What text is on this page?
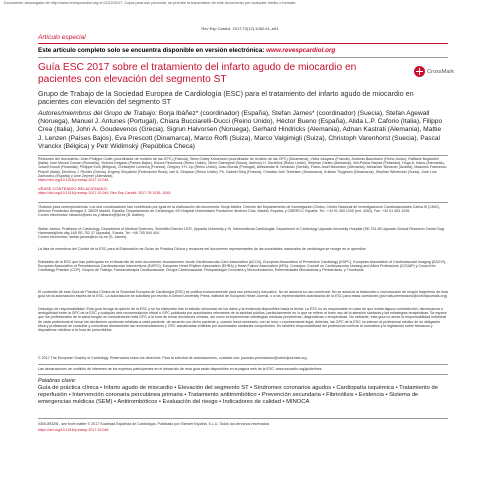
Documento descargado de http://www.revespcardiol.org el 02/12/2017. Copia para uso personal, se prohíbe la transmisión de este documento por cualquier medio o formato.
Rev Esp Cardiol. 2017;70(12):1082.e1–e61
Artículo especial
Este artículo completo solo se encuentra disponible en versión electrónica: www.revespcardiol.org
Guía ESC 2017 sobre el tratamiento del infarto agudo de miocardio en pacientes con elevación del segmento ST
CrossMark
Grupo de Trabajo de la Sociedad Europea de Cardiología (ESC) para el tratamiento del infarto agudo de miocardio en pacientes con elevación del segmento ST
Autores/miembros del Grupo de Trabajo: Borja Ibáñez* (coordinador) (España), Stefan James* (coordinador) (Suecia), Stefan Agewall (Noruega), Manuel J. Antunes (Portugal), Chiara Bucciarelli-Ducci (Reino Unido), Héctor Bueno (España), Alida L.P. Caforio (Italia), Filippo Crea (Italia), John A. Goudevenos (Grecia), Sigrun Halvorsen (Noruega), Gerhard Hindricks (Alemania), Adnan Kastrati (Alemania), Mattie J. Lenzen (Países Bajos), Eva Prescott (Dinamarca), Marco Roffi (Suiza), Marco Valgimigli (Suiza), Christoph Varenhorst (Suecia), Pascal Vranckx (Bélgica) y Petr Widimský (República Checa)
Revisores del documento: Jean-Philippe Collet (coordinador de revisión de las GPC) (Francia), Steen Dalby Kristensen (coordinador de revisión de las GPC) (Dinamarca), Victor Aboyans (Francia), Andreas Baumbach (Reino Unido), Raffaele Bugiardini (Italia), Ioan Mircea Coman (Rumania), Victoria Delgado (Países Bajos), Donna Fitzsimons (Reino Unido), Oliver Gaemperli (Suiza), Anthony H. Gershlick (Reino Unido), Stephan Gielen (Alemania), Veli-Pekka Harjola (Finlandia), Hugo A. Katus (Alemania), Juhani Knuuti (Finlandia), Philippe Kolh (Bélgica), Christophe Leclercq (Francia), Gregory Y.H. Lip (Reino Unido), Joao Morais (Portugal), Aleksandar N. Neskovic (Serbia), Franz-Josef Neumann (Alemania), Alexander Niessner (Austria), Massimo Francesco Piepoli (Italia), Dimitrios J. Richter (Grecia), Evgeny Shlyakhto (Federación Rusa), Iain A. Simpson (Reino Unido), Ph. Gabriel Steg (Francia), Christian Juhl Terkelsen (Dinamarca), Kristian Thygesen (Dinamarca), Stephan Windecker (Suiza), José Luis Zamorano (España) y Uwe Zeymer (Alemania)
https://doi.org/10.1016/j.recesp.2017.10.048
VÉASE CONTENIDO RELACIONADO:
https://doi.org/10.1016/j.recesp.2017.10.049, Rev Esp Cardiol. 2017;70:1039–1045.
*Autores para correspondencia. Los dos coordinadores han contribuido por igual en la elaboración del documento: Borja Ibáñez, Director del Departamento de Investigación Clínica, Centro Nacional de Investigaciones Cardiovasculares Carlos III (CNIC), Melchor Fernández Almagro 3, 28029 Madrid, España; Departamento de Cardiología, IIS-Hospital Universitario Fundación Jiménez Díaz, Madrid, España, y CIBERCV, España. Tel.: +34 91 453 1200 (ext. 4302), Fax: +34 91 453 1245.
Correo electrónico: bibanez@cnic.es y bibanez@fjd.es (B. Ibáñez).
Stefan James, Professor of Cardiology, Department of Medical Sciences, Scientific Director UCR, Uppsala University y Sr. Interventional Cardiologist, Department of Cardiology Uppsala University Hospital (SE-751 85 Uppsala Clinical Research Center Dag Hammarskjölds väg 14B SE-752 37 Uppsala), Suecia. Tel: +46 705 944 404.
Correo electrónico: stefan.james@ucr.uu.se (S. James).
La lista de miembros del Comité de la ESC para la Elaboración de Guías de Práctica Clínica y revisores del documento representantes de las sociedades nacionales de cardiología se recoge en el apéndice.
Entidades de la ESC que han participado en el desarrollo de este documento: Asociaciones: Acute Cardiovascular Care Association (ACCA), European Association of Preventive Cardiology (EAPC), European Association of Cardiovascular Imaging (EACVI), European Association of Percutaneous Cardiovascular Interventions (EAPCI), European Heart Rhythm Association (EHRA) y Heart Failure Association (HFA). Consejos: Council on Cardiovascular Nursing and Allied Professions (CCNAP) y Council for Cardiology Practice (CCP). Grupos de Trabajo: Farmacoterapia Cardiovascular, Cirugía Cardiovascular, Fisiopatología Coronaria y Microcirculación, Enfermedades Miocárdicas y Pericárdicas, y Trombosis.
El contenido de esta Guía de Práctica Clínica de la Sociedad Europea de Cardiología (ESC) se publica exclusivamente para uso personal y educativo. No se autoriza su uso comercial. No se autoriza la traducción o reproducción de ningún fragmento de esta guía sin la autorización escrita de la ESC. La autorización se solicitará por escrito a Oxford University Press, editorial de European Heart Journal, o a los representantes autorizados de la ESC para estas cuestiones (journals.permissions@oxfordjournals.org).
Descargo de responsabilidad. Esta guía recoge la opinión de la ESC y se ha elaborado tras el estudio minucioso de los datos y la evidencia disponibles hasta la fecha. La ESC no es responsable en caso de que exista alguna contradicción, discrepancia o ambigüedad entre la GPC de la ESC y cualquier otra recomendación oficial o GPC publicada por autoridades relevantes de la sanidad pública, particularmente en lo que se refiere al buen uso de la atención sanitaria y las estrategias terapéuticas. Se espera que los profesionales de la salud tengan en consideración esta GPC a la hora de tomar decisiones clínicas, así como al implementar estrategias médicas preventivas, diagnósticas o terapéuticas. No obstante, esta guía no anula la responsabilidad individual de cada profesional al tomar las decisiones oportunas relativas a cada paciente, de acuerdo con dicho paciente y, cuando fuera necesario, con su tutor o representante legal. Además, las GPC de la ESC no eximen al profesional médico de su obligación ética y profesional de consultar y considerar atentamente las recomendaciones y GPC actualizadas emitidas por autoridades sanitarias competentes. Es también responsabilidad del profesional verificar la normativa y la legislación sobre fármacos y dispositivos médicos a la hora de prescribirlos.
© 2017 The European Society of Cardiology. Reservados todos los derechos. Para la solicitud de autorizaciones, contacte con: journals.permissions@oxfordjournals.org.
Las declaraciones de conflicto de intereses de los expertos participantes en el desarrollo de esta guía están disponibles en la página web de la ESC: www.escardio.org/guidelines.
Palabras clave:
Guía de práctica clínica • Infarto agudo de miocardio • Elevación del segmento ST • Síndromes coronarios agudos • Cardiopatía isquémica • Tratamiento de reperfusión • Intervención coronaria percutánea primaria • Tratamiento antitrombótico • Prevención secundaria • Fibrinólisis • Evidencia • Sistema de emergencias médicas (SEM) • Antitrombóticos • Evaluación del riesgo • Indicadores de calidad • MINOCA
0300-8932/$ - see front matter © 2017 Sociedad Española de Cardiología. Publicado por Elsevier España, S.L.U. Todos los derechos reservados
https://doi.org/10.1016/j.recesp.2017.10.048
